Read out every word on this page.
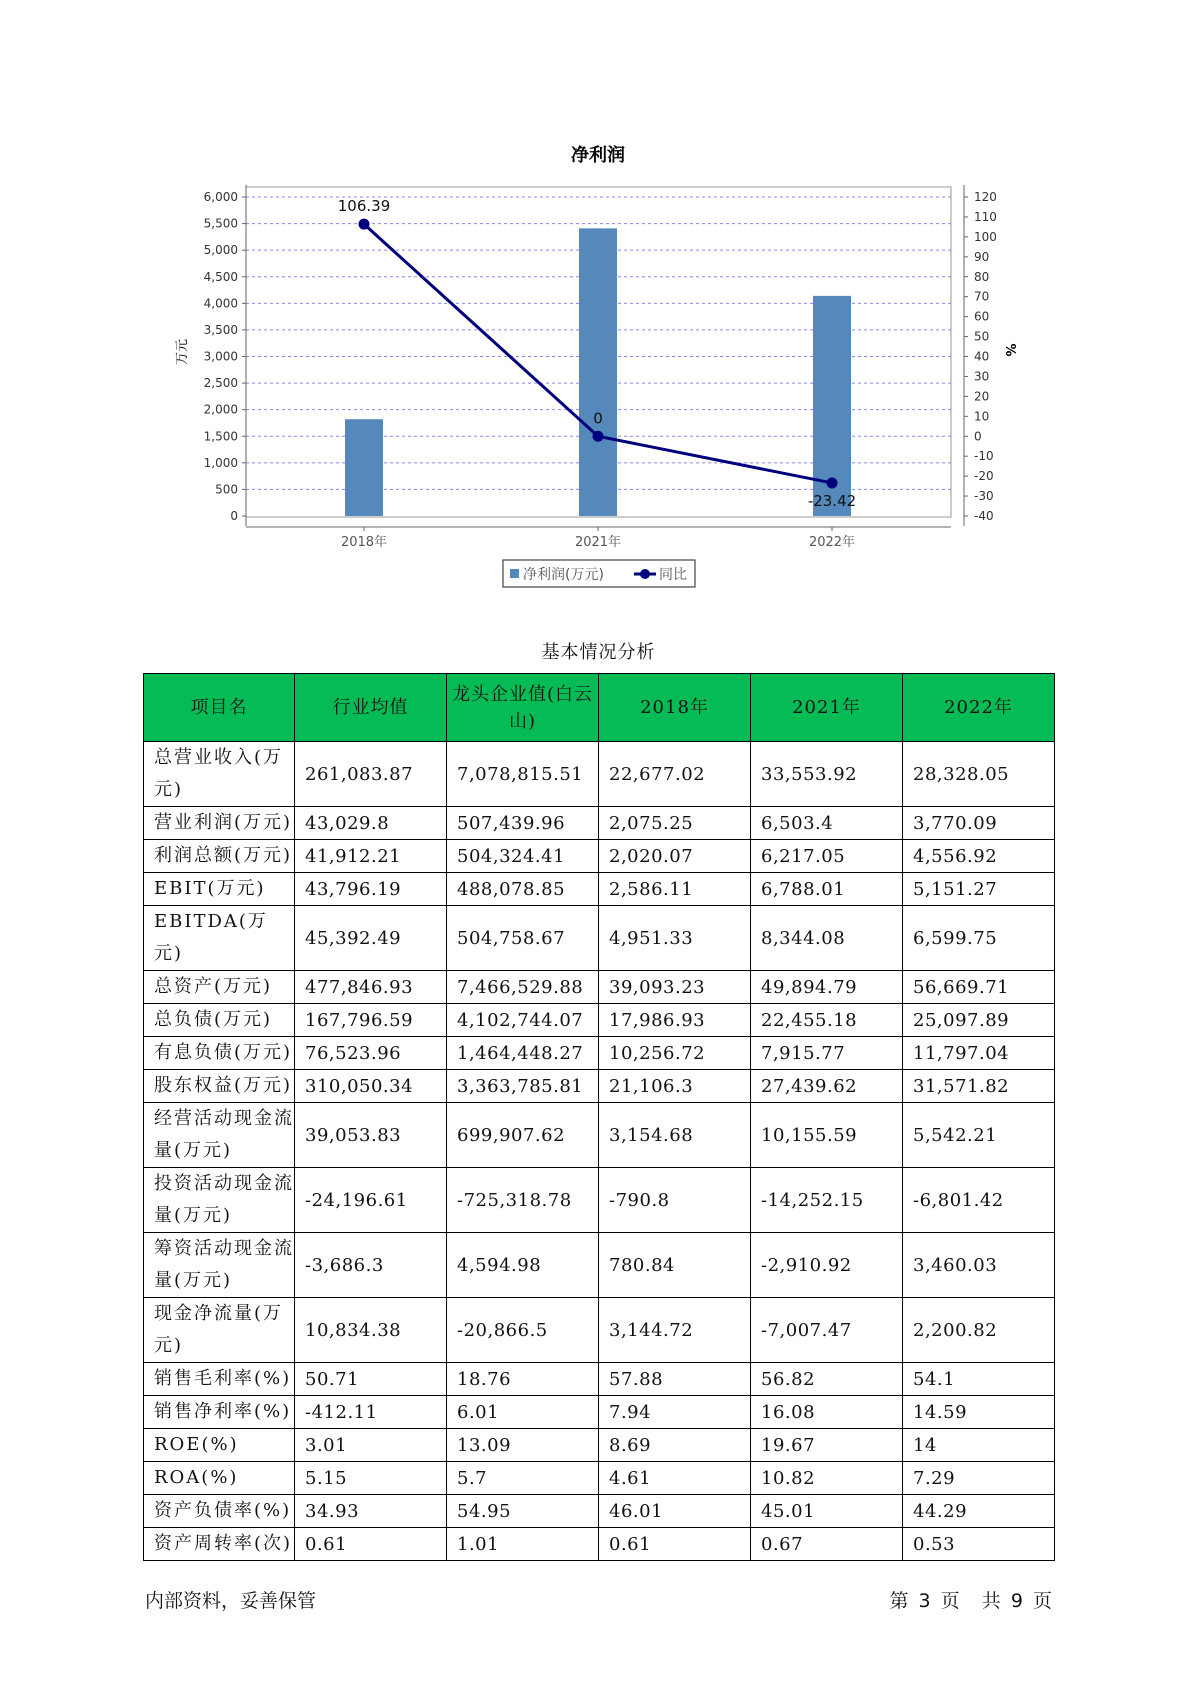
净利润
106.39
0
-23.42
6,000
5,500
5,000
4,500
4,000
3,500
3,000
2,500
2,000
1,500
1,000
500
0
120
110
100
90
80
70
60
50
40
30
20
10
0
-10
-20
-30
-40
2018年	2021年	2022年
万元	%
净利润(万元)	同比
基本情况分析
项目名	行业均值	龙头企业值(白云山)	2018年	2021年	2022年
总营业收入(万元)	261,083.87	7,078,815.51	22,677.02	33,553.92	28,328.05
营业利润(万元)	43,029.8	507,439.96	2,075.25	6,503.4	3,770.09
利润总额(万元)	41,912.21	504,324.41	2,020.07	6,217.05	4,556.92
EBIT(万元)	43,796.19	488,078.85	2,586.11	6,788.01	5,151.27
EBITDA(万元)	45,392.49	504,758.67	4,951.33	8,344.08	6,599.75
总资产(万元)	477,846.93	7,466,529.88	39,093.23	49,894.79	56,669.71
总负债(万元)	167,796.59	4,102,744.07	17,986.93	22,455.18	25,097.89
有息负债(万元)	76,523.96	1,464,448.27	10,256.72	7,915.77	11,797.04
股东权益(万元)	310,050.34	3,363,785.81	21,106.3	27,439.62	31,571.82
经营活动现金流量(万元)	39,053.83	699,907.62	3,154.68	10,155.59	5,542.21
投资活动现金流量(万元)	-24,196.61	-725,318.78	-790.8	-14,252.15	-6,801.42
筹资活动现金流量(万元)	-3,686.3	4,594.98	780.84	-2,910.92	3,460.03
现金净流量(万元)	10,834.38	-20,866.5	3,144.72	-7,007.47	2,200.82
销售毛利率(%)	50.71	18.76	57.88	56.82	54.1
销售净利率(%)	-412.11	6.01	7.94	16.08	14.59
ROE(%)	3.01	13.09	8.69	19.67	14
ROA(%)	5.15	5.7	4.61	10.82	7.29
资产负债率(%)	34.93	54.95	46.01	45.01	44.29
资产周转率(次)	0.61	1.01	0.61	0.67	0.53
内部资料，妥善保管	第 3 页 共 9 页
